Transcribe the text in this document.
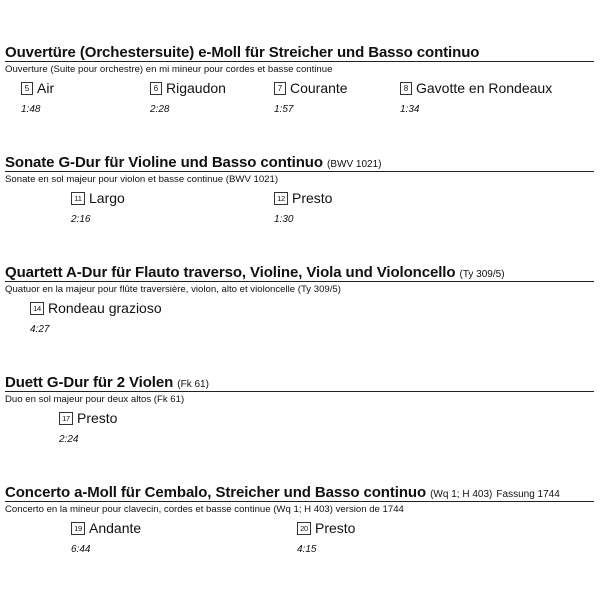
Ouvertüre (Orchestersuite) e-Moll für Streicher und Basso continuo
Ouverture (Suite pour orchestre) en mi mineur pour cordes et basse continue
5 Air
1:48
6 Rigaudon
2:28
7 Courante
1:57
8 Gavotte en Rondeaux
1:34
Sonate G-Dur für Violine und Basso continuo (BWV 1021)
Sonate en sol majeur pour violon et basse continue (BWV 1021)
11 Largo
2:16
12 Presto
1:30
Quartett A-Dur für Flauto traverso, Violine, Viola und Violoncello (Ty 309/5)
Quatuor en la majeur pour flûte traversière, violon, alto et violoncelle (Ty 309/5)
14 Rondeau grazioso
4:27
Duett G-Dur für 2 Violen (Fk 61)
Duo en sol majeur pour deux altos (Fk 61)
17 Presto
2:24
Concerto a-Moll für Cembalo, Streicher und Basso continuo (Wq 1; H 403) Fassung 1744
Concerto en la mineur pour clavecin, cordes et basse continue (Wq 1; H 403) version de 1744
19 Andante
6:44
20 Presto
4:15
